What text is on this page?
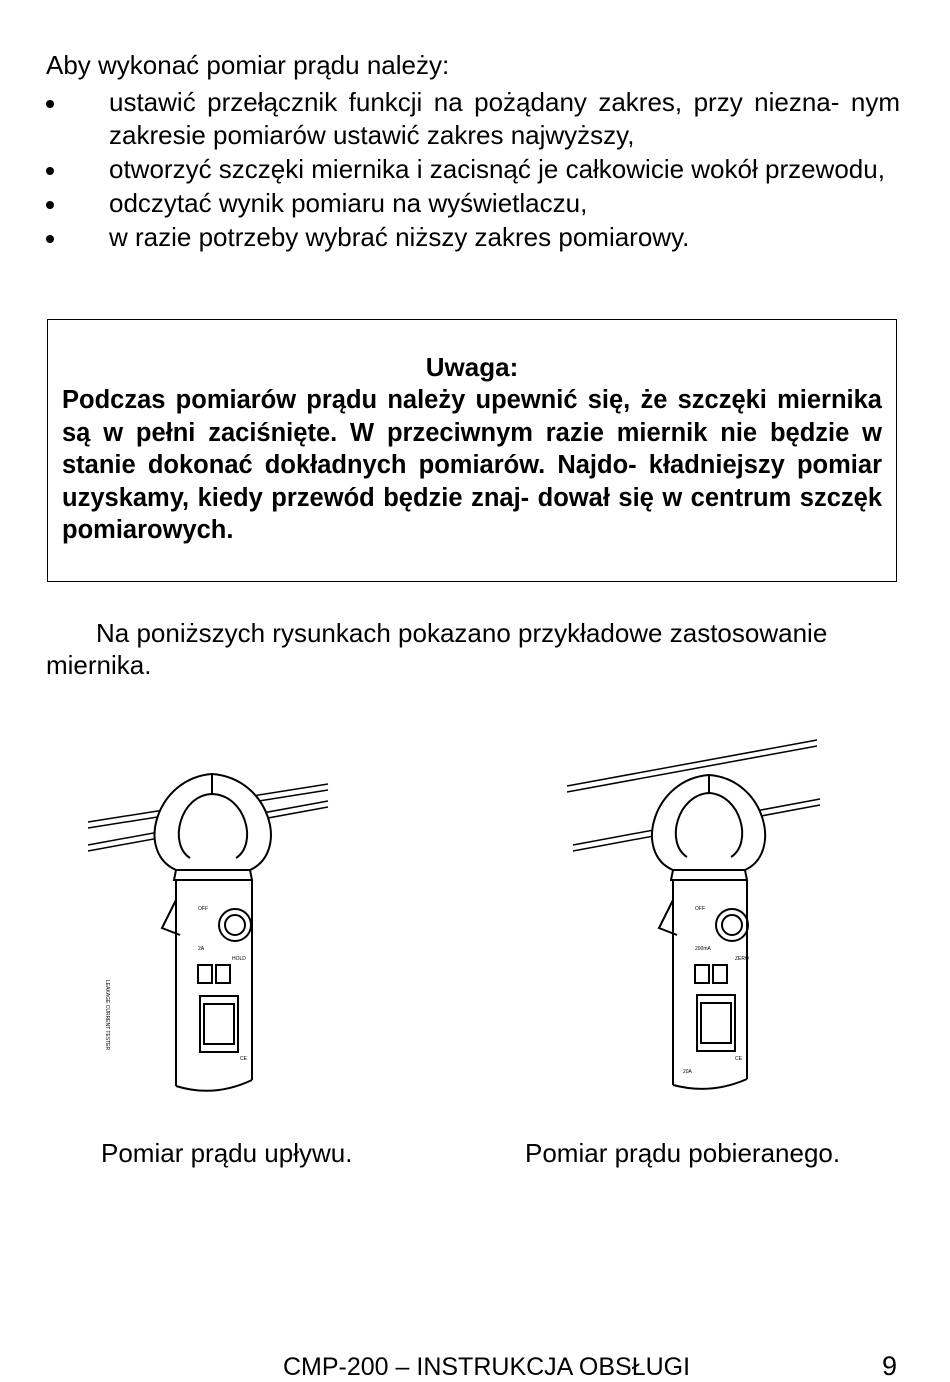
Aby wykonać pomiar prądu należy:
ustawić przełącznik funkcji na pożądany zakres, przy niezna- nym zakresie pomiarów ustawić zakres najwyższy,
otworzyć szczęki miernika i zacisnąć je całkowicie wokół przewodu,
odczytać wynik pomiaru na wyświetlaczu,
w razie potrzeby wybrać niższy zakres pomiarowy.
Uwaga:

Podczas pomiarów prądu należy upewnić się, że szczęki miernika są w pełni zaciśnięte. W przeciwnym razie miernik nie będzie w stanie dokonać dokładnych pomiarów. Najdo- kładniejszy pomiar uzyskamy, kiedy przewód będzie znaj- dował się w centrum szczęk pomiarowych.

Na poniższych rysunkach pokazano przykładowe zastosowanie miernika.

LEAKAGE CURRENT TESTER
CE
OFF
2A
HOLD
CE
OFF
200mA
ZERO
20A
Pomiar prądu upływu.	Pomiar prądu pobieranego.
CMP-200 – INSTRUKCJA OBSŁUGI	9
